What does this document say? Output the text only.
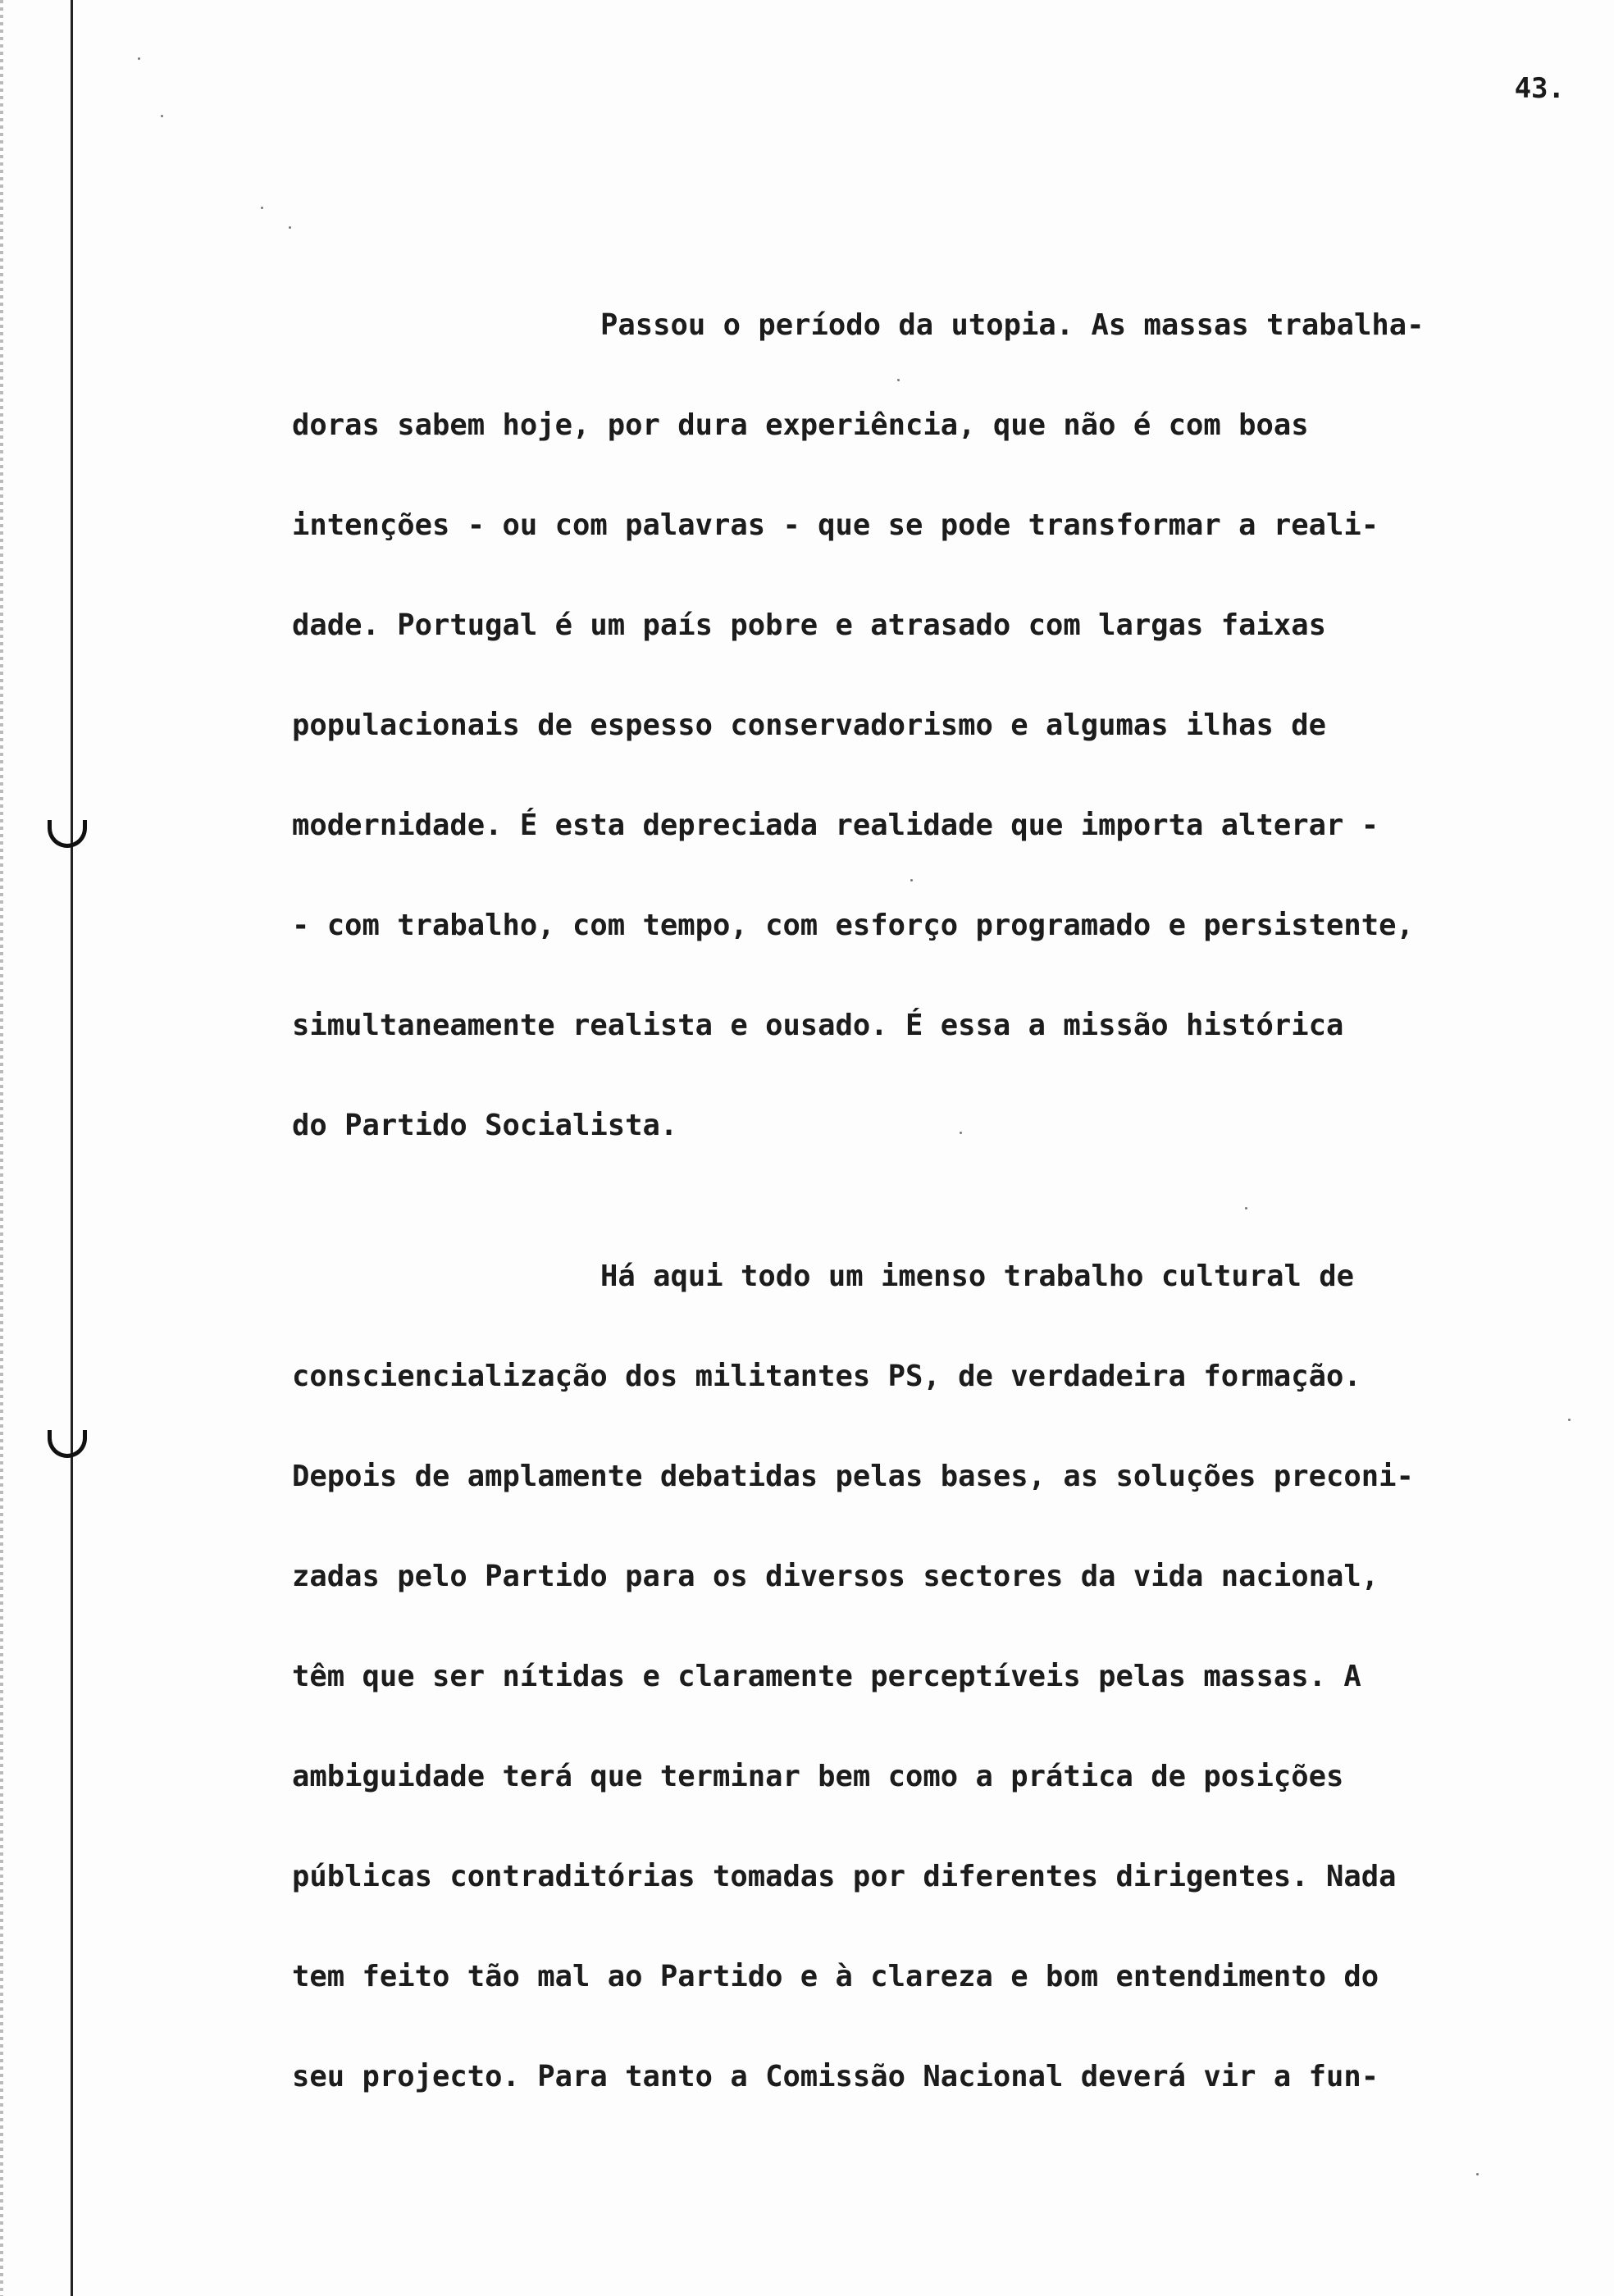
43.
Passou o período da utopia. As massas trabalha-
doras sabem hoje, por dura experiência, que não é com boas
intenções - ou com palavras - que se pode transformar a reali-
dade. Portugal é um país pobre e atrasado com largas faixas
populacionais de espesso conservadorismo e algumas ilhas de
modernidade. É esta depreciada realidade que importa alterar -
- com trabalho, com tempo, com esforço programado e persistente,
simultaneamente realista e ousado. É essa a missão histórica
do Partido Socialista.
Há aqui todo um imenso trabalho cultural de
consciencialização dos militantes PS, de verdadeira formação.
Depois de amplamente debatidas pelas bases, as soluções preconi-
zadas pelo Partido para os diversos sectores da vida nacional,
têm que ser nítidas e claramente perceptíveis pelas massas. A
ambiguidade terá que terminar bem como a prática de posições
públicas contraditórias tomadas por diferentes dirigentes. Nada
tem feito tão mal ao Partido e à clareza e bom entendimento do
seu projecto. Para tanto a Comissão Nacional deverá vir a fun-
